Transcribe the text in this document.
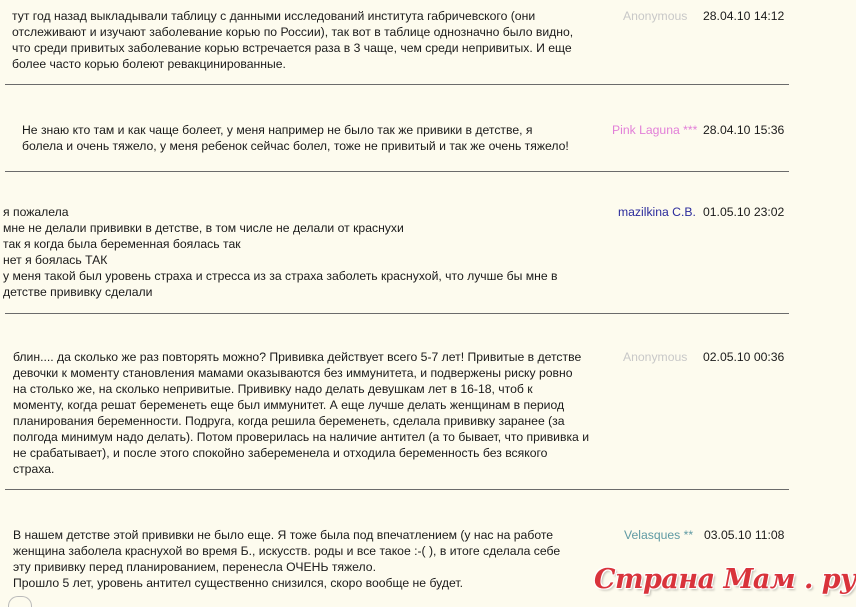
тут год назад выкладывали таблицу с данными исследований института габричевского (они
отслеживают и изучают заболевание корью по России), так вот в таблице однозначно было видно,
что среди привитых заболевание корью встречается раза в 3 чаще, чем среди непривитых. И еще
более часто корью болеют ревакцинированные.
Anonymous 28.04.10 14:12
Не знаю кто там и как чаще болеет, у меня например не было так же привики в детстве, я
болела и очень тяжело, у меня ребенок сейчас болел, тоже не привитый и так же очень тяжело!
Pink Laguna *** 28.04.10 15:36
я пожалела
мне не делали прививки в детстве, в том числе не делали от краснухи
так я когда была беременная боялась так
нет я боялась ТАК
у меня такой был уровень страха и стресса из за страха заболеть краснухой, что лучше бы мне в
детстве прививку сделали
mazilkina C.B. 01.05.10 23:02
блин.... да сколько же раз повторять можно? Прививка действует всего 5-7 лет! Привитые в детстве
девочки к моменту становления мамами оказываются без иммунитета, и подвержены риску ровно
на столько же, на сколько непривитые. Прививку надо делать девушкам лет в 16-18, чтоб к
моменту, когда решат беременеть еще был иммунитет. А еще лучше делать женщинам в период
планирования беременности. Подруга, когда решила беременеть, сделала прививку заранее (за
полгода минимум надо делать). Потом проверилась на наличие антител (а то бывает, что прививка и
не срабатывает), и после этого спокойно забеременела и отходила беременность без всякого
страха.
Anonymous 02.05.10 00:36
В нашем детстве этой прививки не было еще. Я тоже была под впечатлением (у нас на работе
женщина заболела краснухой во время Б., искусств. роды и все такое :-( ), в итоге сделала себе
эту прививку перед планированием, перенесла ОЧЕНЬ тяжело.
Прошло 5 лет, уровень антител существенно снизился, скоро вообще не будет.
Velasques ** 03.05.10 11:08
Страна Мам . ру
